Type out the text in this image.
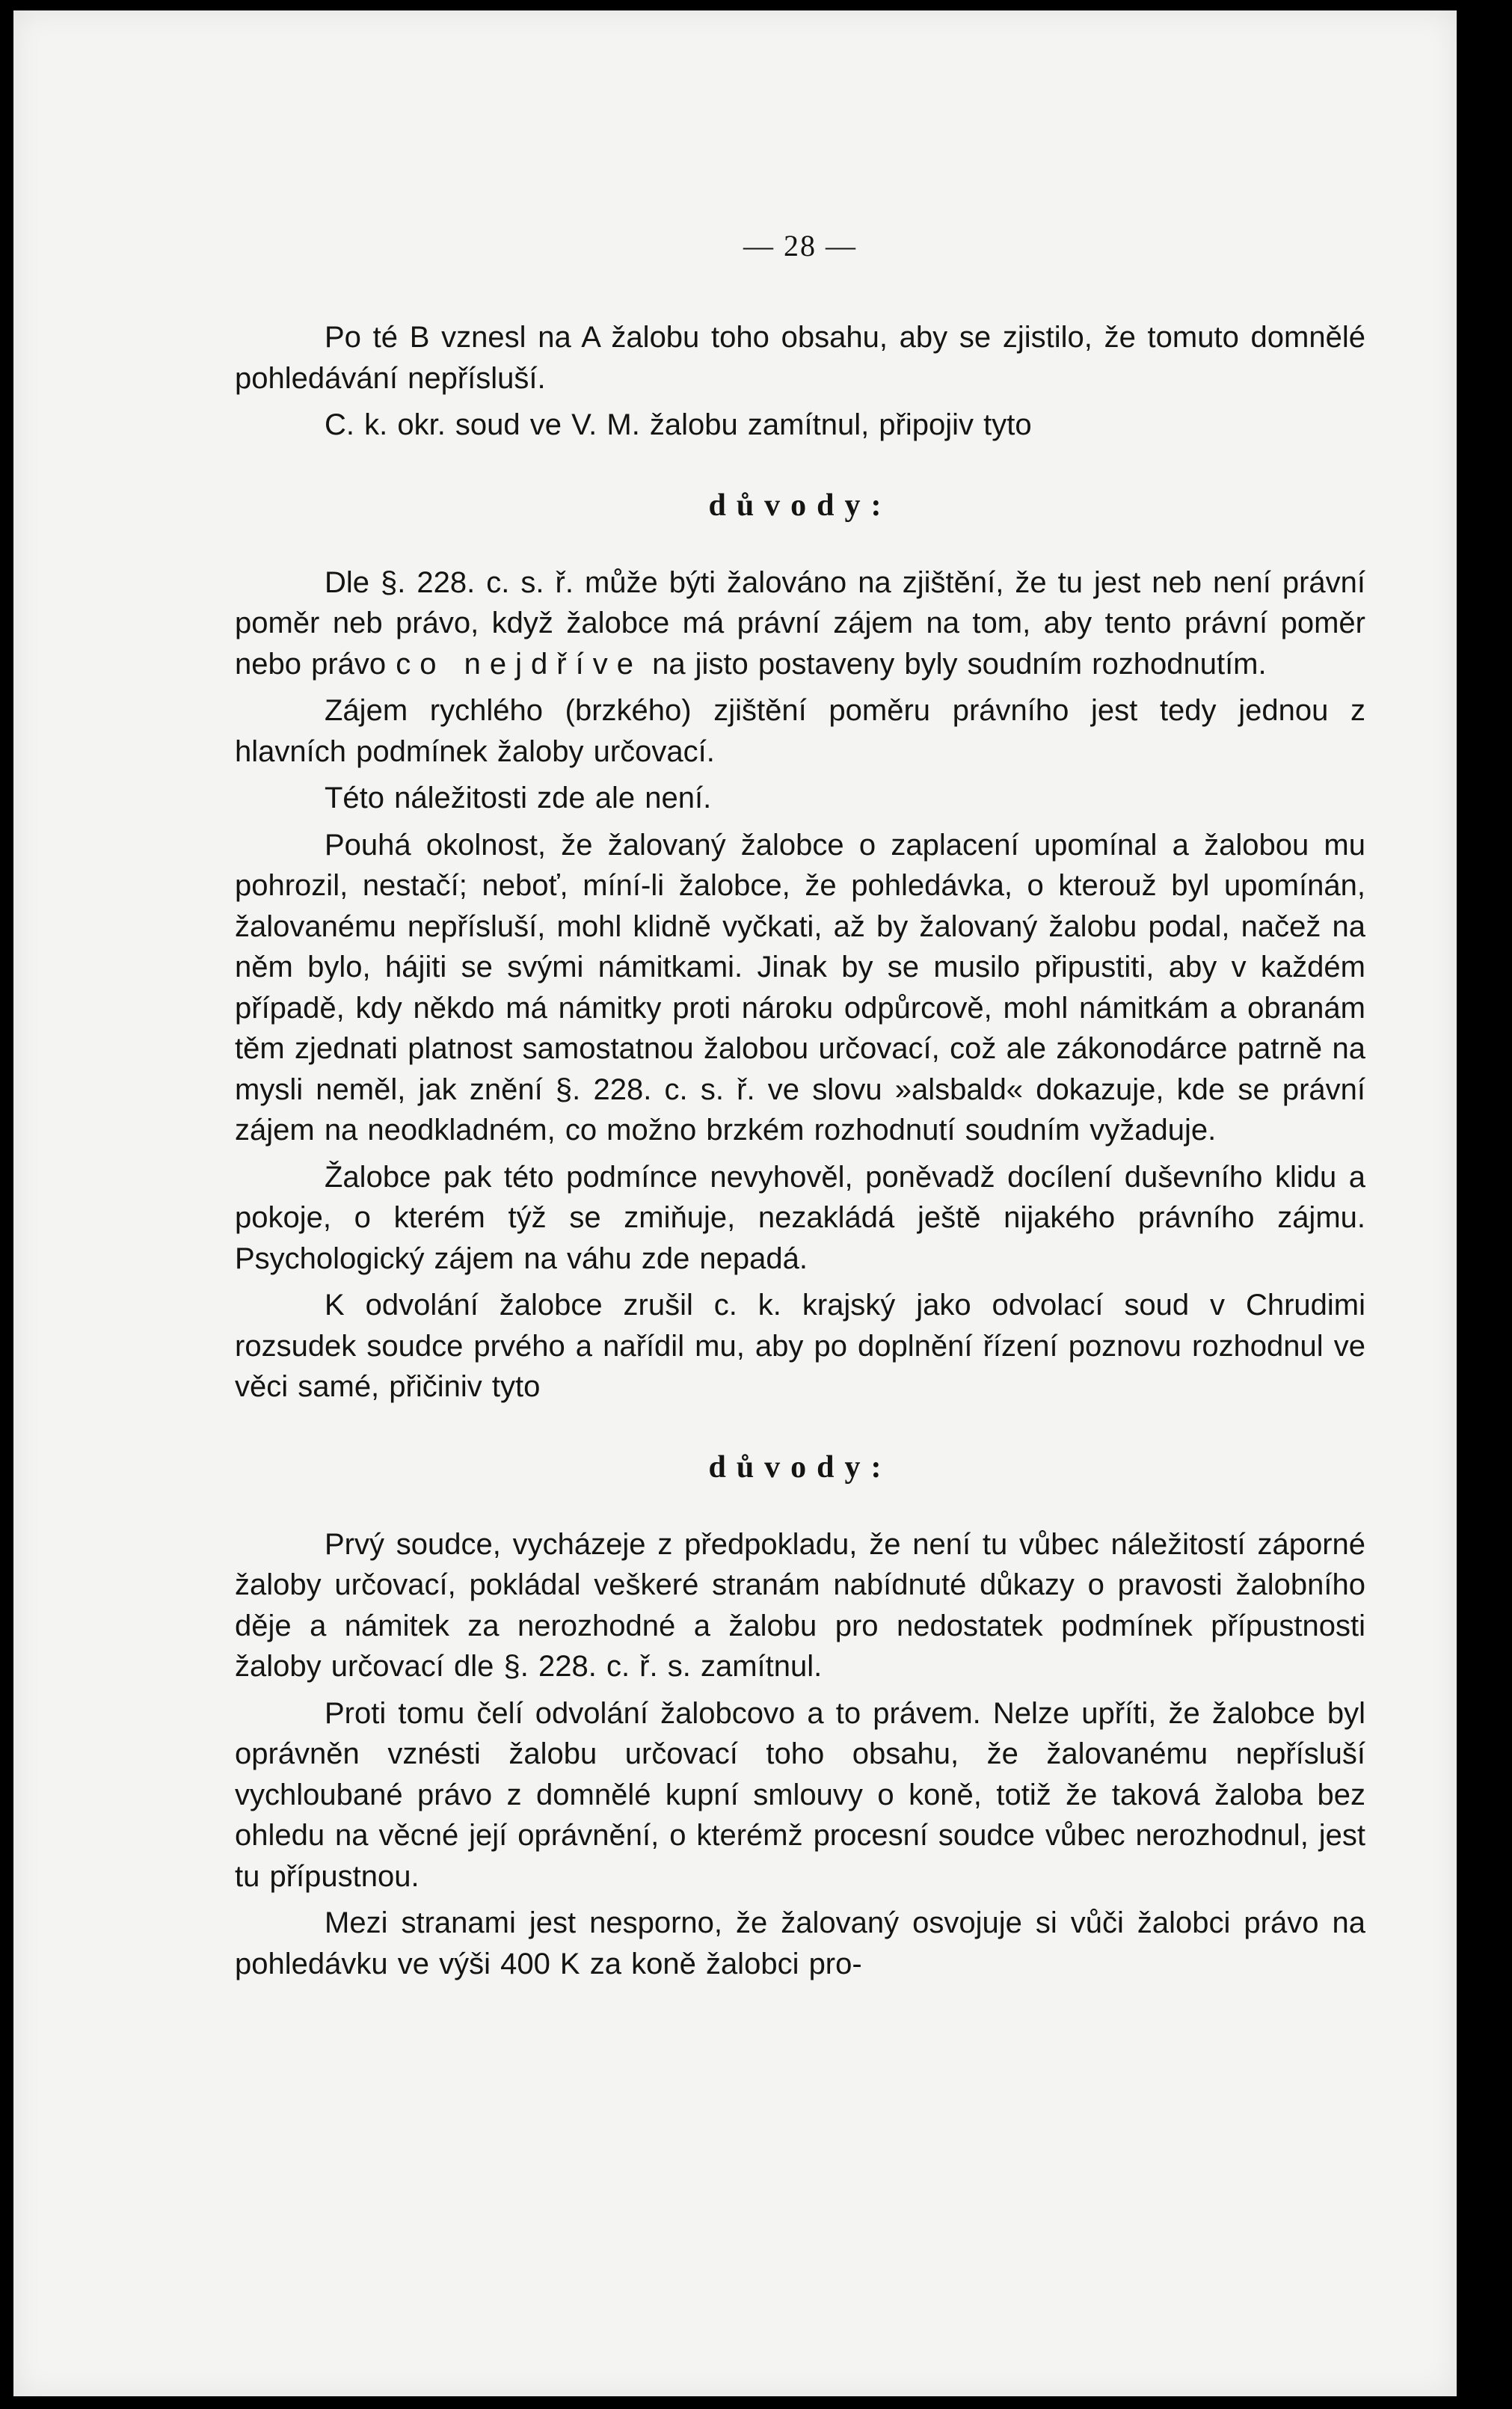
— 28 —

Po té B vznesl na A žalobu toho obsahu, aby se zjistilo, že tomuto domnělé pohledávání nepřísluší.

C. k. okr. soud ve V. M. žalobu zamítnul, připojiv tyto

důvody:

Dle §. 228. c. s. ř. může býti žalováno na zjištění, že tu jest neb není právní poměr neb právo, když žalobce má právní zájem na tom, aby tento právní poměr nebo právo co nejdříve na jisto postaveny byly soudním rozhodnutím.

Zájem rychlého (brzkého) zjištění poměru právního jest tedy jednou z hlavních podmínek žaloby určovací.

Této náležitosti zde ale není.

Pouhá okolnost, že žalovaný žalobce o zaplacení upomínal a žalobou mu pohrozil, nestačí; neboť, míní-li žalobce, že pohledávka, o kterouž byl upomínán, žalovanému nepřísluší, mohl klidně vyčkati, až by žalovaný žalobu podal, načež na něm bylo, hájiti se svými námitkami. Jinak by se musilo připustiti, aby v každém případě, kdy někdo má námitky proti nároku odpůrcově, mohl námitkám a obranám těm zjednati platnost samostatnou žalobou určovací, což ale zákonodárce patrně na mysli neměl, jak znění §. 228. c. s. ř. ve slovu »alsbald« dokazuje, kde se právní zájem na neodkladném, co možno brzkém rozhodnutí soudním vyžaduje.

Žalobce pak této podmínce nevyhověl, poněvadž docílení duševního klidu a pokoje, o kterém týž se zmiňuje, nezakládá ještě nijakého právního zájmu. Psychologický zájem na váhu zde nepadá.

K odvolání žalobce zrušil c. k. krajský jako odvolací soud v Chrudimi rozsudek soudce prvého a nařídil mu, aby po doplnění řízení poznovu rozhodnul ve věci samé, přičiniv tyto

důvody:

Prvý soudce, vycházeje z předpokladu, že není tu vůbec náležitostí záporné žaloby určovací, pokládal veškeré stranám nabídnuté důkazy o pravosti žalobního děje a námitek za nerozhodné a žalobu pro nedostatek podmínek přípustnosti žaloby určovací dle §. 228. c. ř. s. zamítnul.

Proti tomu čelí odvolání žalobcovo a to právem. Nelze upříti, že žalobce byl oprávněn vznésti žalobu určovací toho obsahu, že žalovanému nepřísluší vychloubané právo z domnělé kupní smlouvy o koně, totiž že taková žaloba bez ohledu na věcné její oprávnění, o kterémž procesní soudce vůbec nerozhodnul, jest tu přípustnou.

Mezi stranami jest nesporno, že žalovaný osvojuje si vůči žalobci právo na pohledávku ve výši 400 K za koně žalobci pro-
